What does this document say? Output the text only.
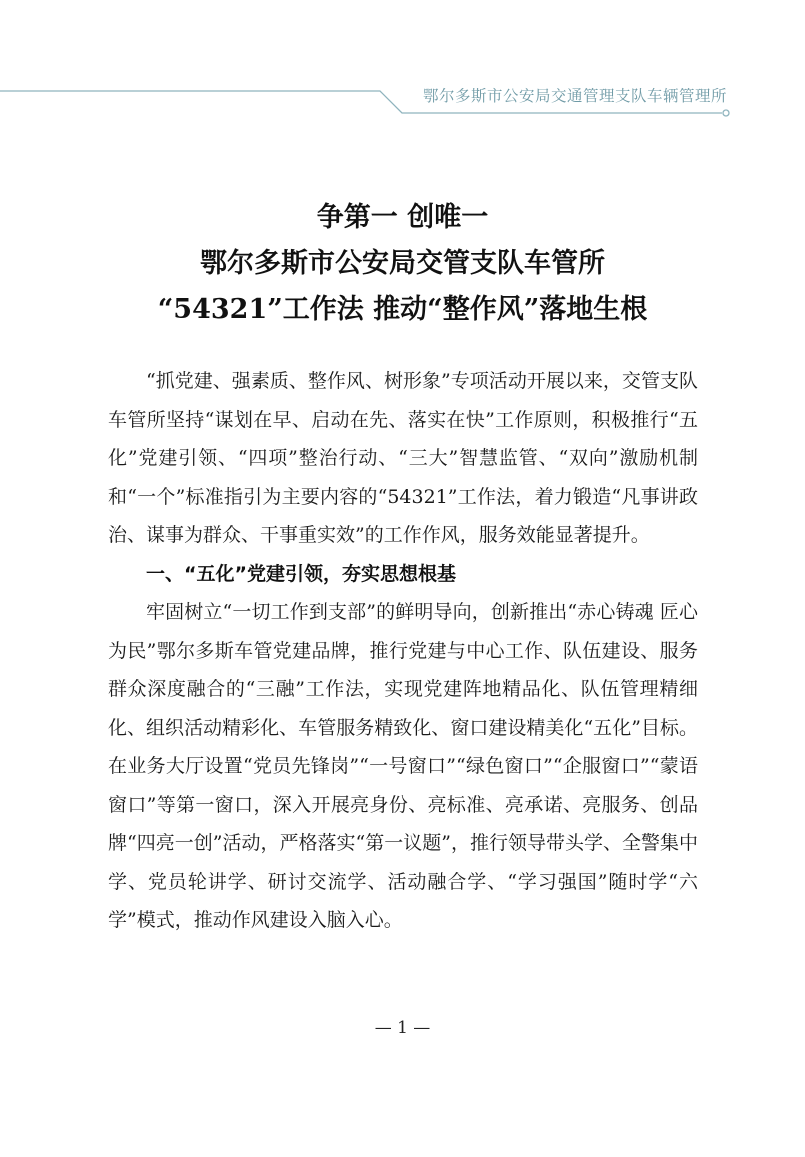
鄂尔多斯市公安局交通管理支队车辆管理所
争第一 创唯一
鄂尔多斯市公安局交管支队车管所
“54321”工作法 推动“整作风”落地生根

“抓党建、强素质、整作风、树形象”专项活动开展以来，交管支队车管所坚持“谋划在早、启动在先、落实在快”工作原则，积极推行“五化”党建引领、“四项”整治行动、“三大”智慧监管、“双向”激励机制和“一个”标准指引为主要内容的“54321”工作法，着力锻造“凡事讲政治、谋事为群众、干事重实效”的工作作风，服务效能显著提升。

一、“五化”党建引领，夯实思想根基

牢固树立“一切工作到支部”的鲜明导向，创新推出“赤心铸魂 匠心为民”鄂尔多斯车管党建品牌，推行党建与中心工作、队伍建设、服务群众深度融合的“三融”工作法，实现党建阵地精品化、队伍管理精细化、组织活动精彩化、车管服务精致化、窗口建设精美化“五化”目标。在业务大厅设置“党员先锋岗”“一号窗口”“绿色窗口”“企服窗口”“蒙语窗口”等第一窗口，深入开展亮身份、亮标准、亮承诺、亮服务、创品牌“四亮一创”活动，严格落实“第一议题”，推行领导带头学、全警集中学、党员轮讲学、研讨交流学、活动融合学、“学习强国”随时学“六学”模式，推动作风建设入脑入心。

— 1 —
